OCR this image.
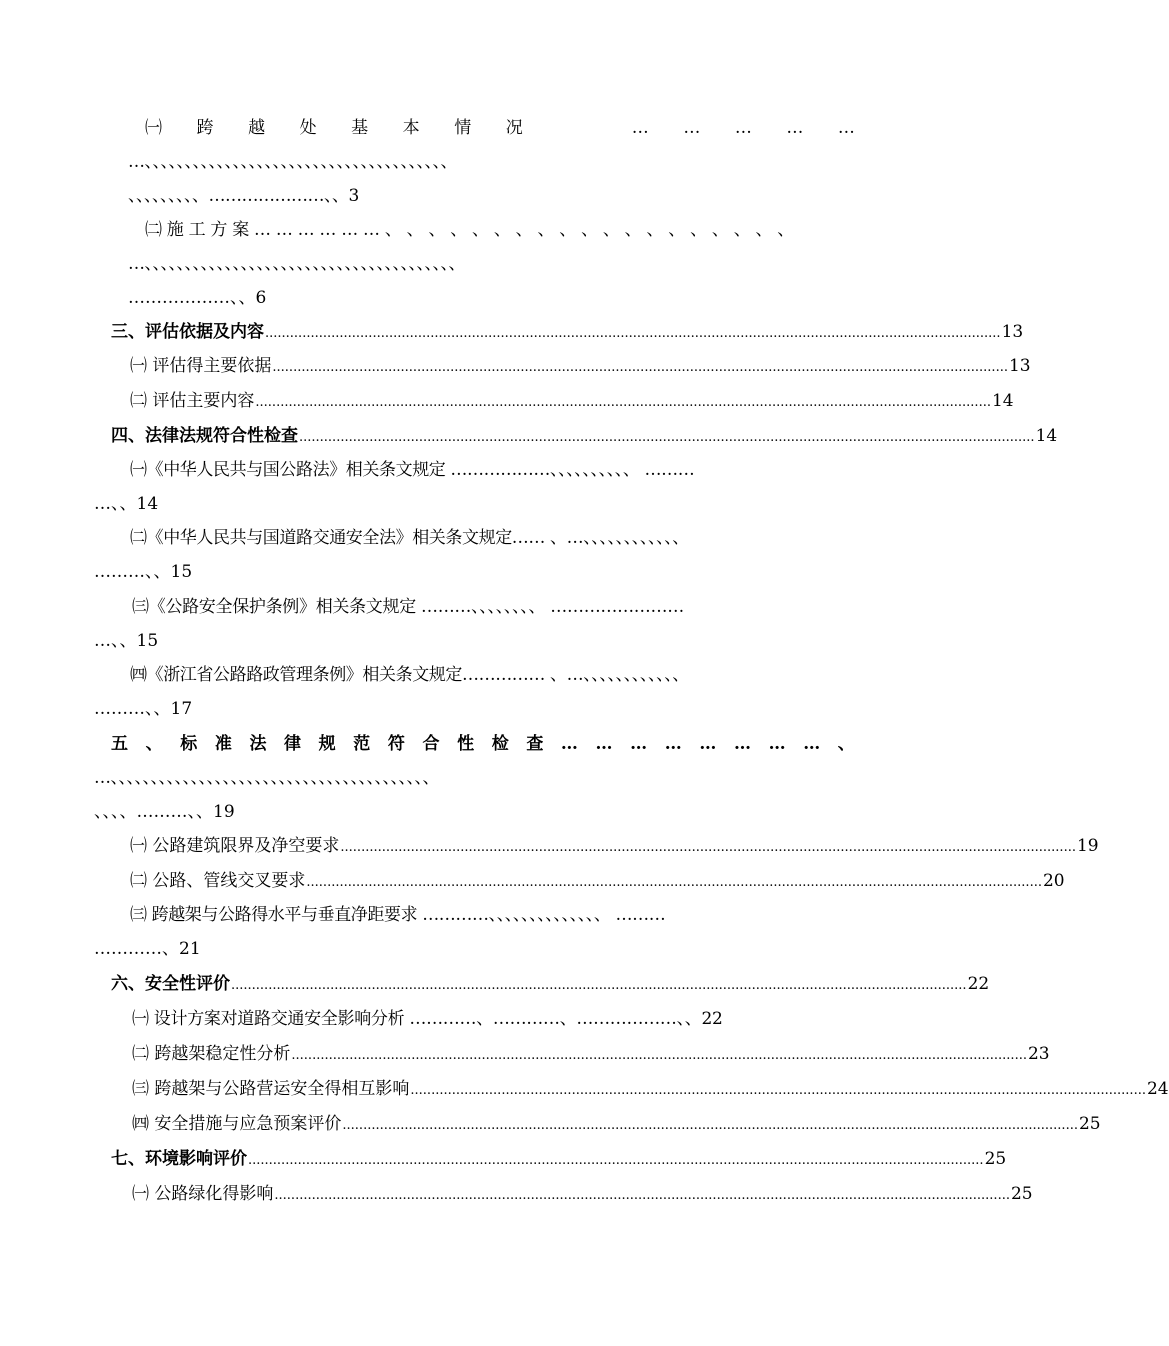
㈠ 跨 越 处 基 本 情 况	… … … … …
…、、、、、、、、、、、、、、、、、、、、、、、、、、、、、、、、、、、、、、
、、、、、、、、、…………………、、3
㈡ 施 工 方 案 … … … … … … 、 、 、 、 、 、 、 、 、 、 、 、 、 、 、 、 、 、 、
…、、、、、、、、、、、、、、、、、、、、、、、、、、、、、、、、、、、、、、、
………………、、6
三、评估依据及内容 .................................................................................................................................................................................. 13
㈠ 评估得主要依据 .................................................................................................................................................................................. 13
㈡ 评估主要内容 .................................................................................................................................................................................. 14
四、法律法规符合性检查 .................................................................................................................................................................................. 14
㈠《中华人民共与国公路法》相关条文规定 ………………、、、、、、、、、、 ………
…、、14
㈡《中华人民共与国道路交通安全法》相关条文规定…… 、…、、、、、、、、、、、、
………、、15
㈢《公路安全保护条例》相关条文规定 ………、、、、、、、、 ……………………
…、、15
㈣《浙江省公路路政管理条例》相关条文规定…………… 、…、、、、、、、、、、、、
………、、17
五 、 标 准 法 律 规 范 符 合 性 检 查 … … … … … … … … 、
…、、、、、、、、、、、、、、、、、、、、、、、、、、、、、、、、、、、、、、、、
、、、、………、、19
㈠ 公路建筑限界及净空要求 .................................................................................................................................................................................. 19
㈡ 公路、管线交叉要求 .................................................................................................................................................................................. 20
㈢ 跨越架与公路得水平与垂直净距要求 …………、、、、、、、、、、、、、、 ………
…………、21
六、安全性评价 .................................................................................................................................................................................. 22
㈠ 设计方案对道路交通安全影响分析 …………、…………、………………、、22
㈡ 跨越架稳定性分析 .................................................................................................................................................................................. 23
㈢ 跨越架与公路营运安全得相互影响 .................................................................................................................................................................................. 24
㈣ 安全措施与应急预案评价 .................................................................................................................................................................................. 25
七、环境影响评价 .................................................................................................................................................................................. 25
㈠ 公路绿化得影响 .................................................................................................................................................................................. 25
